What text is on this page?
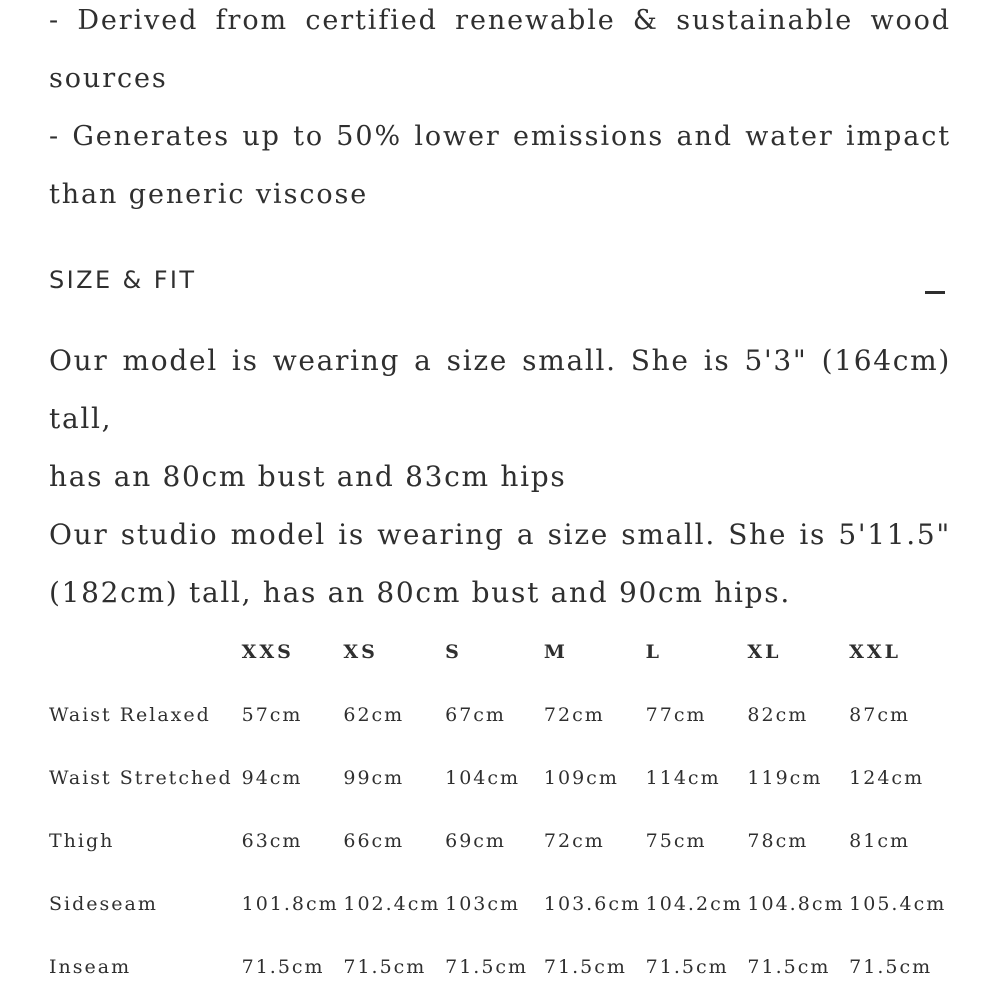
- Derived from certified renewable & sustainable wood
sources
- Generates up to 50% lower emissions and water impact
than generic viscose
SIZE & FIT
Our model is wearing a size small. She is 5'3" (164cm) tall,
has an 80cm bust and 83cm hips
Our studio model is wearing a size small. She is 5'11.5"
(182cm) tall, has an 80cm bust and 90cm hips.
	XXS	XS	S	M	L	XL	XXL
Waist Relaxed	57cm	62cm	67cm	72cm	77cm	82cm	87cm
Waist Stretched	94cm	99cm	104cm	109cm	114cm	119cm	124cm
Thigh	63cm	66cm	69cm	72cm	75cm	78cm	81cm
Sideseam	101.8cm	102.4cm	103cm	103.6cm	104.2cm	104.8cm	105.4cm
Inseam	71.5cm	71.5cm	71.5cm	71.5cm	71.5cm	71.5cm	71.5cm
